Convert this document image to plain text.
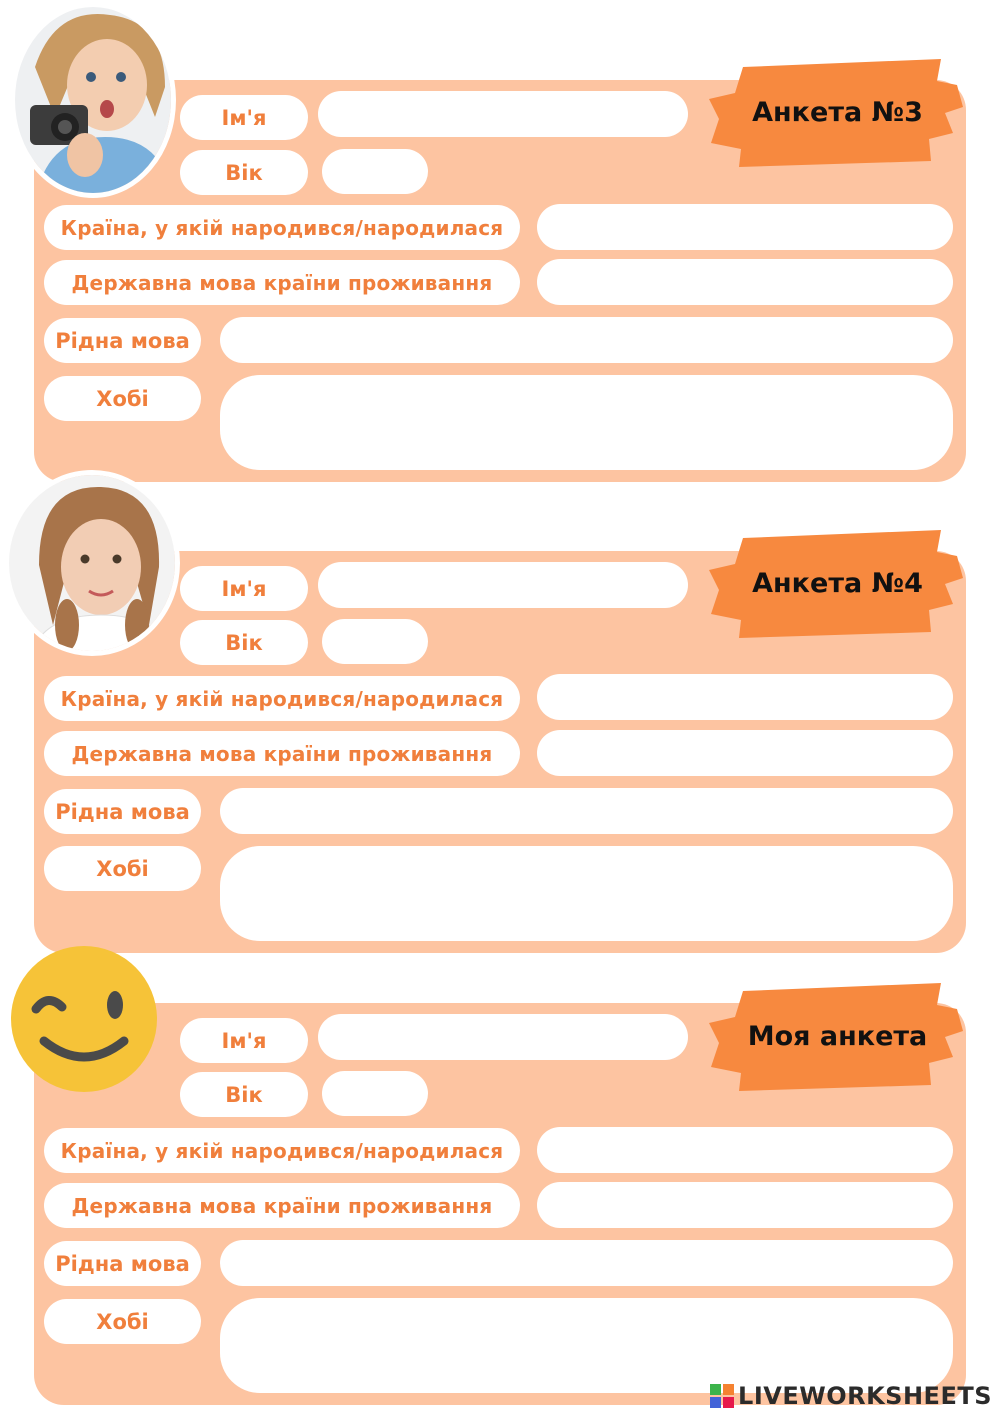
Анкета №3
Ім'я
Вік
Країна, у якій народився/народилася
Державна мова країни проживання
Рідна мова
Хобі
Анкета №4
Ім'я
Вік
Країна, у якій народився/народилася
Державна мова країни проживання
Рідна мова
Хобі
Моя анкета
Ім'я
Вік
Країна, у якій народився/народилася
Державна мова країни проживання
Рідна мова
Хобі
LIVEWORKSHEETS
